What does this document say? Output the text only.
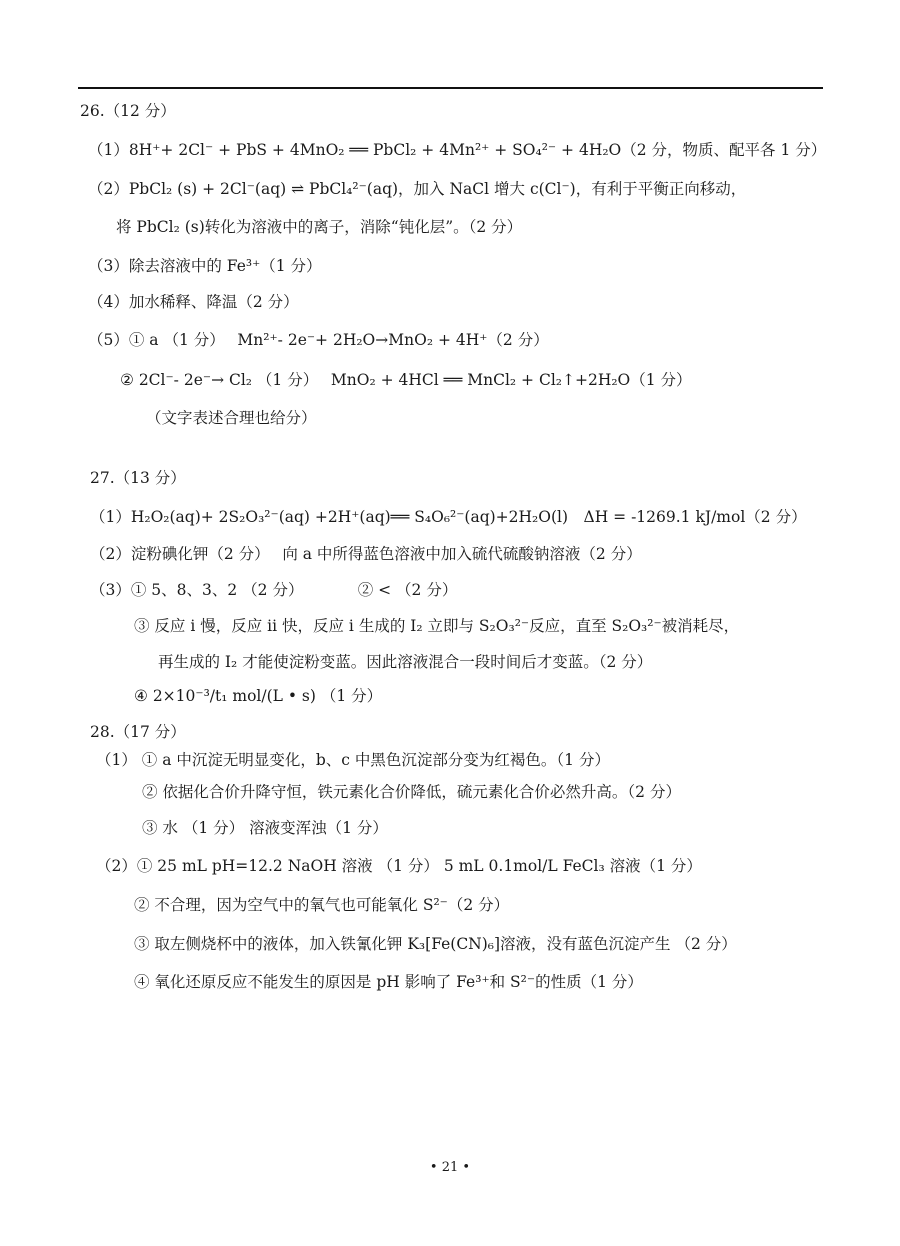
26.（12 分）
（1）8H⁺+ 2Cl⁻ + PbS + 4MnO₂ ══ PbCl₂ + 4Mn²⁺ + SO₄²⁻ + 4H₂O（2 分，物质、配平各 1 分）
（2）PbCl₂ (s) + 2Cl⁻(aq) ⇌ PbCl₄²⁻(aq)，加入 NaCl 增大 c(Cl⁻)，有利于平衡正向移动，
将 PbCl₂ (s)转化为溶液中的离子，消除“钝化层”。（2 分）
（3）除去溶液中的 Fe³⁺（1 分）
（4）加水稀释、降温（2 分）
（5）① a （1 分）　 Mn²⁺- 2e⁻+ 2H₂O→MnO₂ + 4H⁺（2 分）
② 2Cl⁻- 2e⁻→ Cl₂ （1 分）　 MnO₂ + 4HCl ══ MnCl₂ + Cl₂↑+2H₂O（1 分）
（文字表述合理也给分）
27.（13 分）
（1）H₂O₂(aq)+ 2S₂O₃²⁻(aq) +2H⁺(aq)══ S₄O₆²⁻(aq)+2H₂O(l)　ΔH = -1269.1 kJ/mol（2 分）
（2）淀粉碘化钾（2 分）　 向 a 中所得蓝色溶液中加入硫代硫酸钠溶液（2 分）
（3）① 5、8、3、2 （2 分）　　　　② < （2 分）
③ 反应 i 慢，反应 ii 快，反应 i 生成的 I₂ 立即与 S₂O₃²⁻反应，直至 S₂O₃²⁻被消耗尽，
再生成的 I₂ 才能使淀粉变蓝。因此溶液混合一段时间后才变蓝。（2 分）
④ 2×10⁻³/t₁ mol/(L • s) （1 分）
28.（17 分）
（1） ① a 中沉淀无明显变化，b、c 中黑色沉淀部分变为红褐色。（1 分）
② 依据化合价升降守恒，铁元素化合价降低，硫元素化合价必然升高。（2 分）
③ 水 （1 分） 溶液变浑浊（1 分）
（2）① 25 mL pH=12.2 NaOH 溶液 （1 分） 5 mL 0.1mol/L FeCl₃ 溶液（1 分）
② 不合理，因为空气中的氧气也可能氧化 S²⁻（2 分）
③ 取左侧烧杯中的液体，加入铁氰化钾 K₃[Fe(CN)₆]溶液，没有蓝色沉淀产生 （2 分）
④ 氧化还原反应不能发生的原因是 pH 影响了 Fe³⁺和 S²⁻的性质（1 分）
• 21 •
